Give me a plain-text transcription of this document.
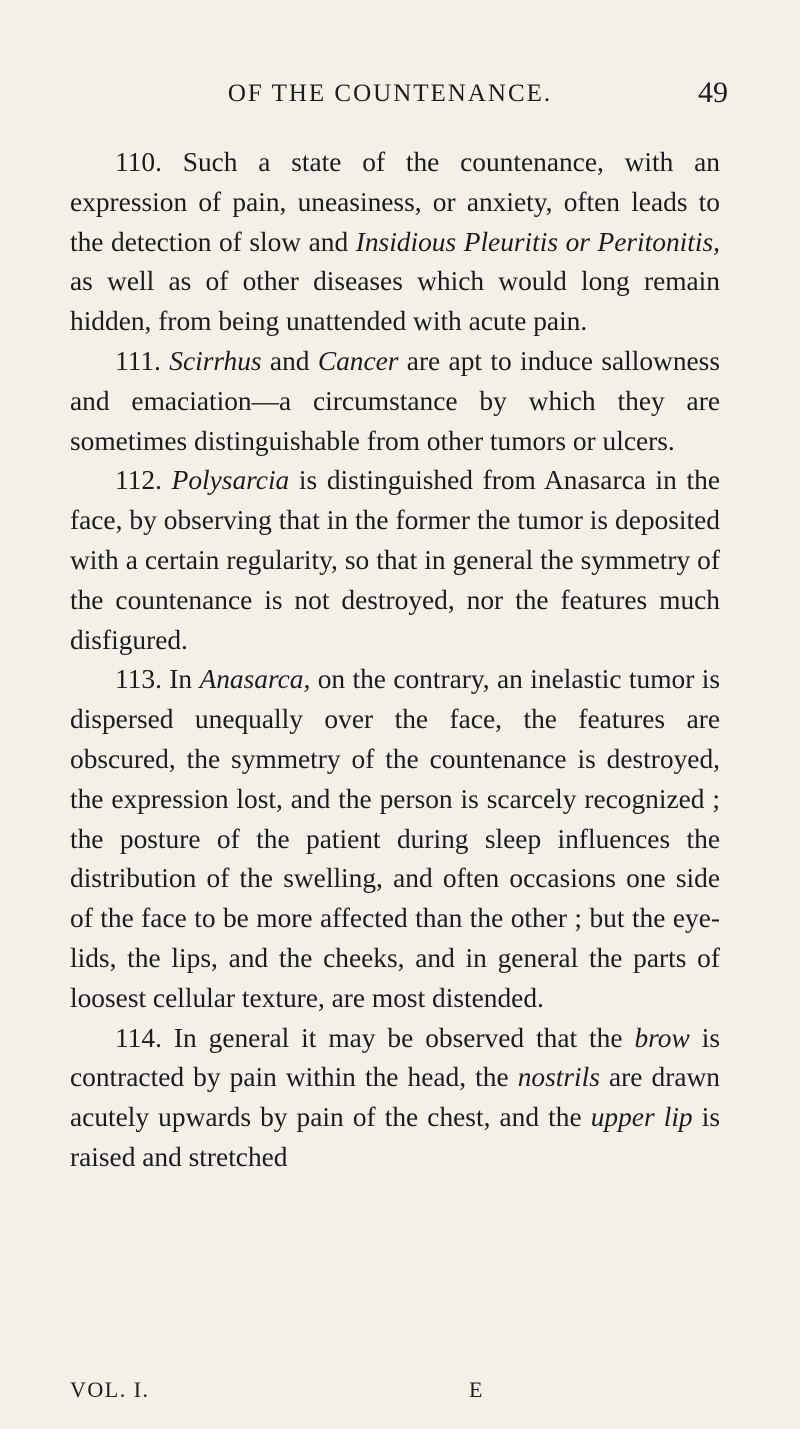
OF THE COUNTENANCE.	49

110. Such a state of the countenance, with an expression of pain, uneasiness, or anxiety, often leads to the detection of slow and Insidious Pleuritis or Peritonitis, as well as of other diseases which would long remain hidden, from being unattended with acute pain.

111. Scirrhus and Cancer are apt to induce sallowness and emaciation—a circumstance by which they are sometimes distinguishable from other tumors or ulcers.

112. Polysarcia is distinguished from Anasarca in the face, by observing that in the former the tumor is deposited with a certain regularity, so that in general the symmetry of the countenance is not destroyed, nor the features much disfigured.

113. In Anasarca, on the contrary, an inelastic tumor is dispersed unequally over the face, the features are obscured, the symmetry of the countenance is destroyed, the expression lost, and the person is scarcely recognized ; the posture of the patient during sleep influences the distribution of the swelling, and often occasions one side of the face to be more affected than the other ; but the eye-lids, the lips, and the cheeks, and in general the parts of loosest cellular texture, are most distended.

114. In general it may be observed that the brow is contracted by pain within the head, the nostrils are drawn acutely upwards by pain of the chest, and the upper lip is raised and stretched

VOL. I.	E
